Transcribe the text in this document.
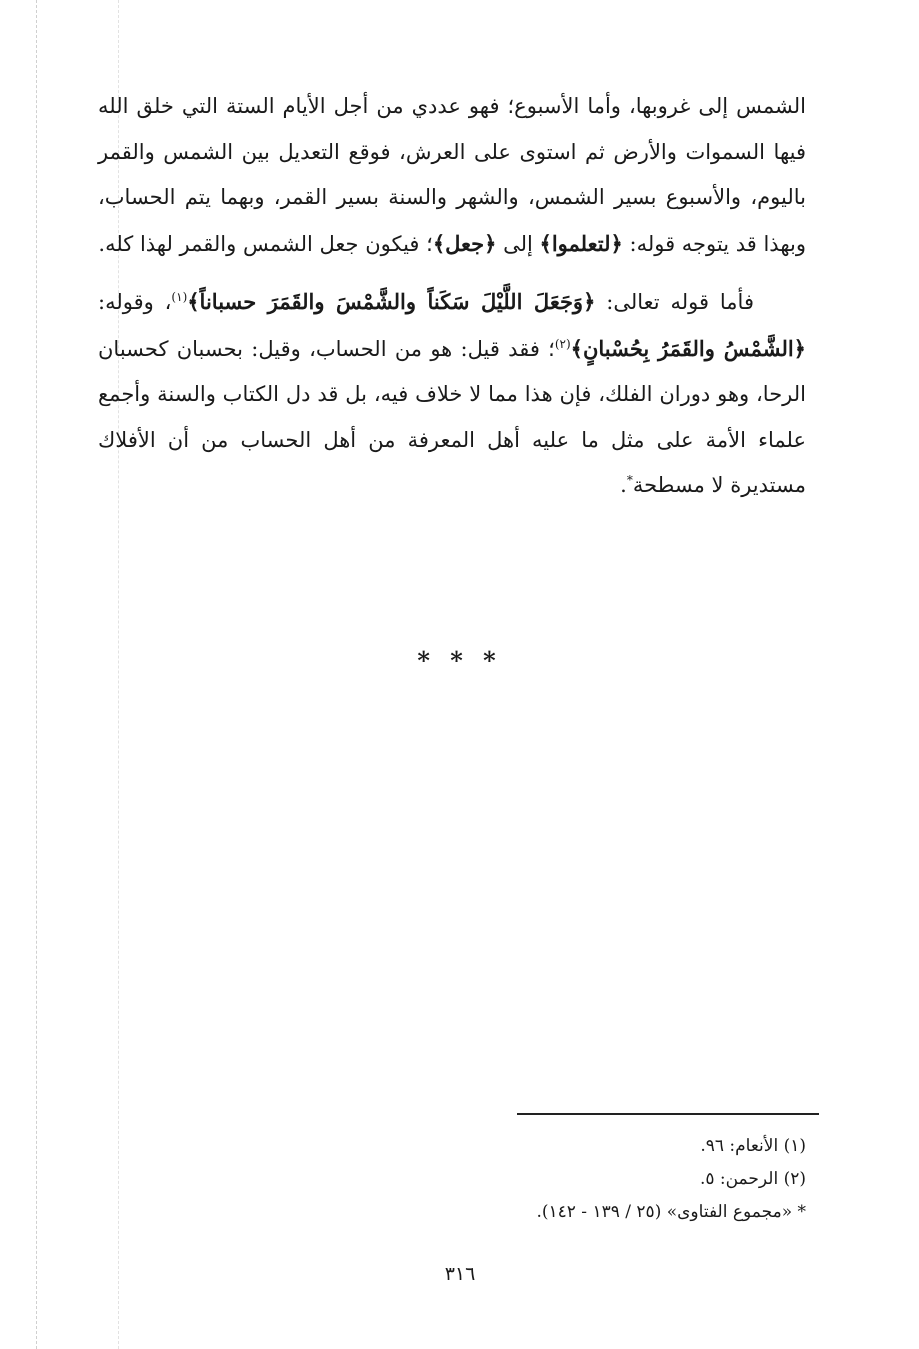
الشمس إلى غروبها، وأما الأسبوع؛ فهو عددي من أجل الأيام الستة التي خلق الله فيها السموات والأرض ثم استوى على العرش، فوقع التعديل بين الشمس والقمر باليوم، والأسبوع بسير الشمس، والشهر والسنة بسير القمر، وبهما يتم الحساب، وبهذا قد يتوجه قوله: ﴿لتعلموا﴾ إلى ﴿جعل﴾؛ فيكون جعل الشمس والقمر لهذا كله.

فأما قوله تعالى: ﴿وَجَعَلَ اللَّيْلَ سَكَناً والشَّمْسَ والقَمَرَ حسباناً﴾$^{(١)}$، وقوله: ﴿الشَّمْسُ والقَمَرُ بِحُسْبانٍ﴾$^{(٢)}$؛ فقد قيل: هو من الحساب، وقيل: بحسبان كحسبان الرحا، وهو دوران الفلك، فإن هذا مما لا خلاف فيه، بل قد دل الكتاب والسنة وأجمع علماء الأمة على مثل ما عليه أهل المعرفة من أهل الحساب من أن الأفلاك مستديرة لا مسطحة*.

* * *
(١) الأنعام: ٩٦.
(٢) الرحمن: ٥.
* «مجموع الفتاوى» (٢٥ / ١٣٩ - ١٤٢).
٣١٦
